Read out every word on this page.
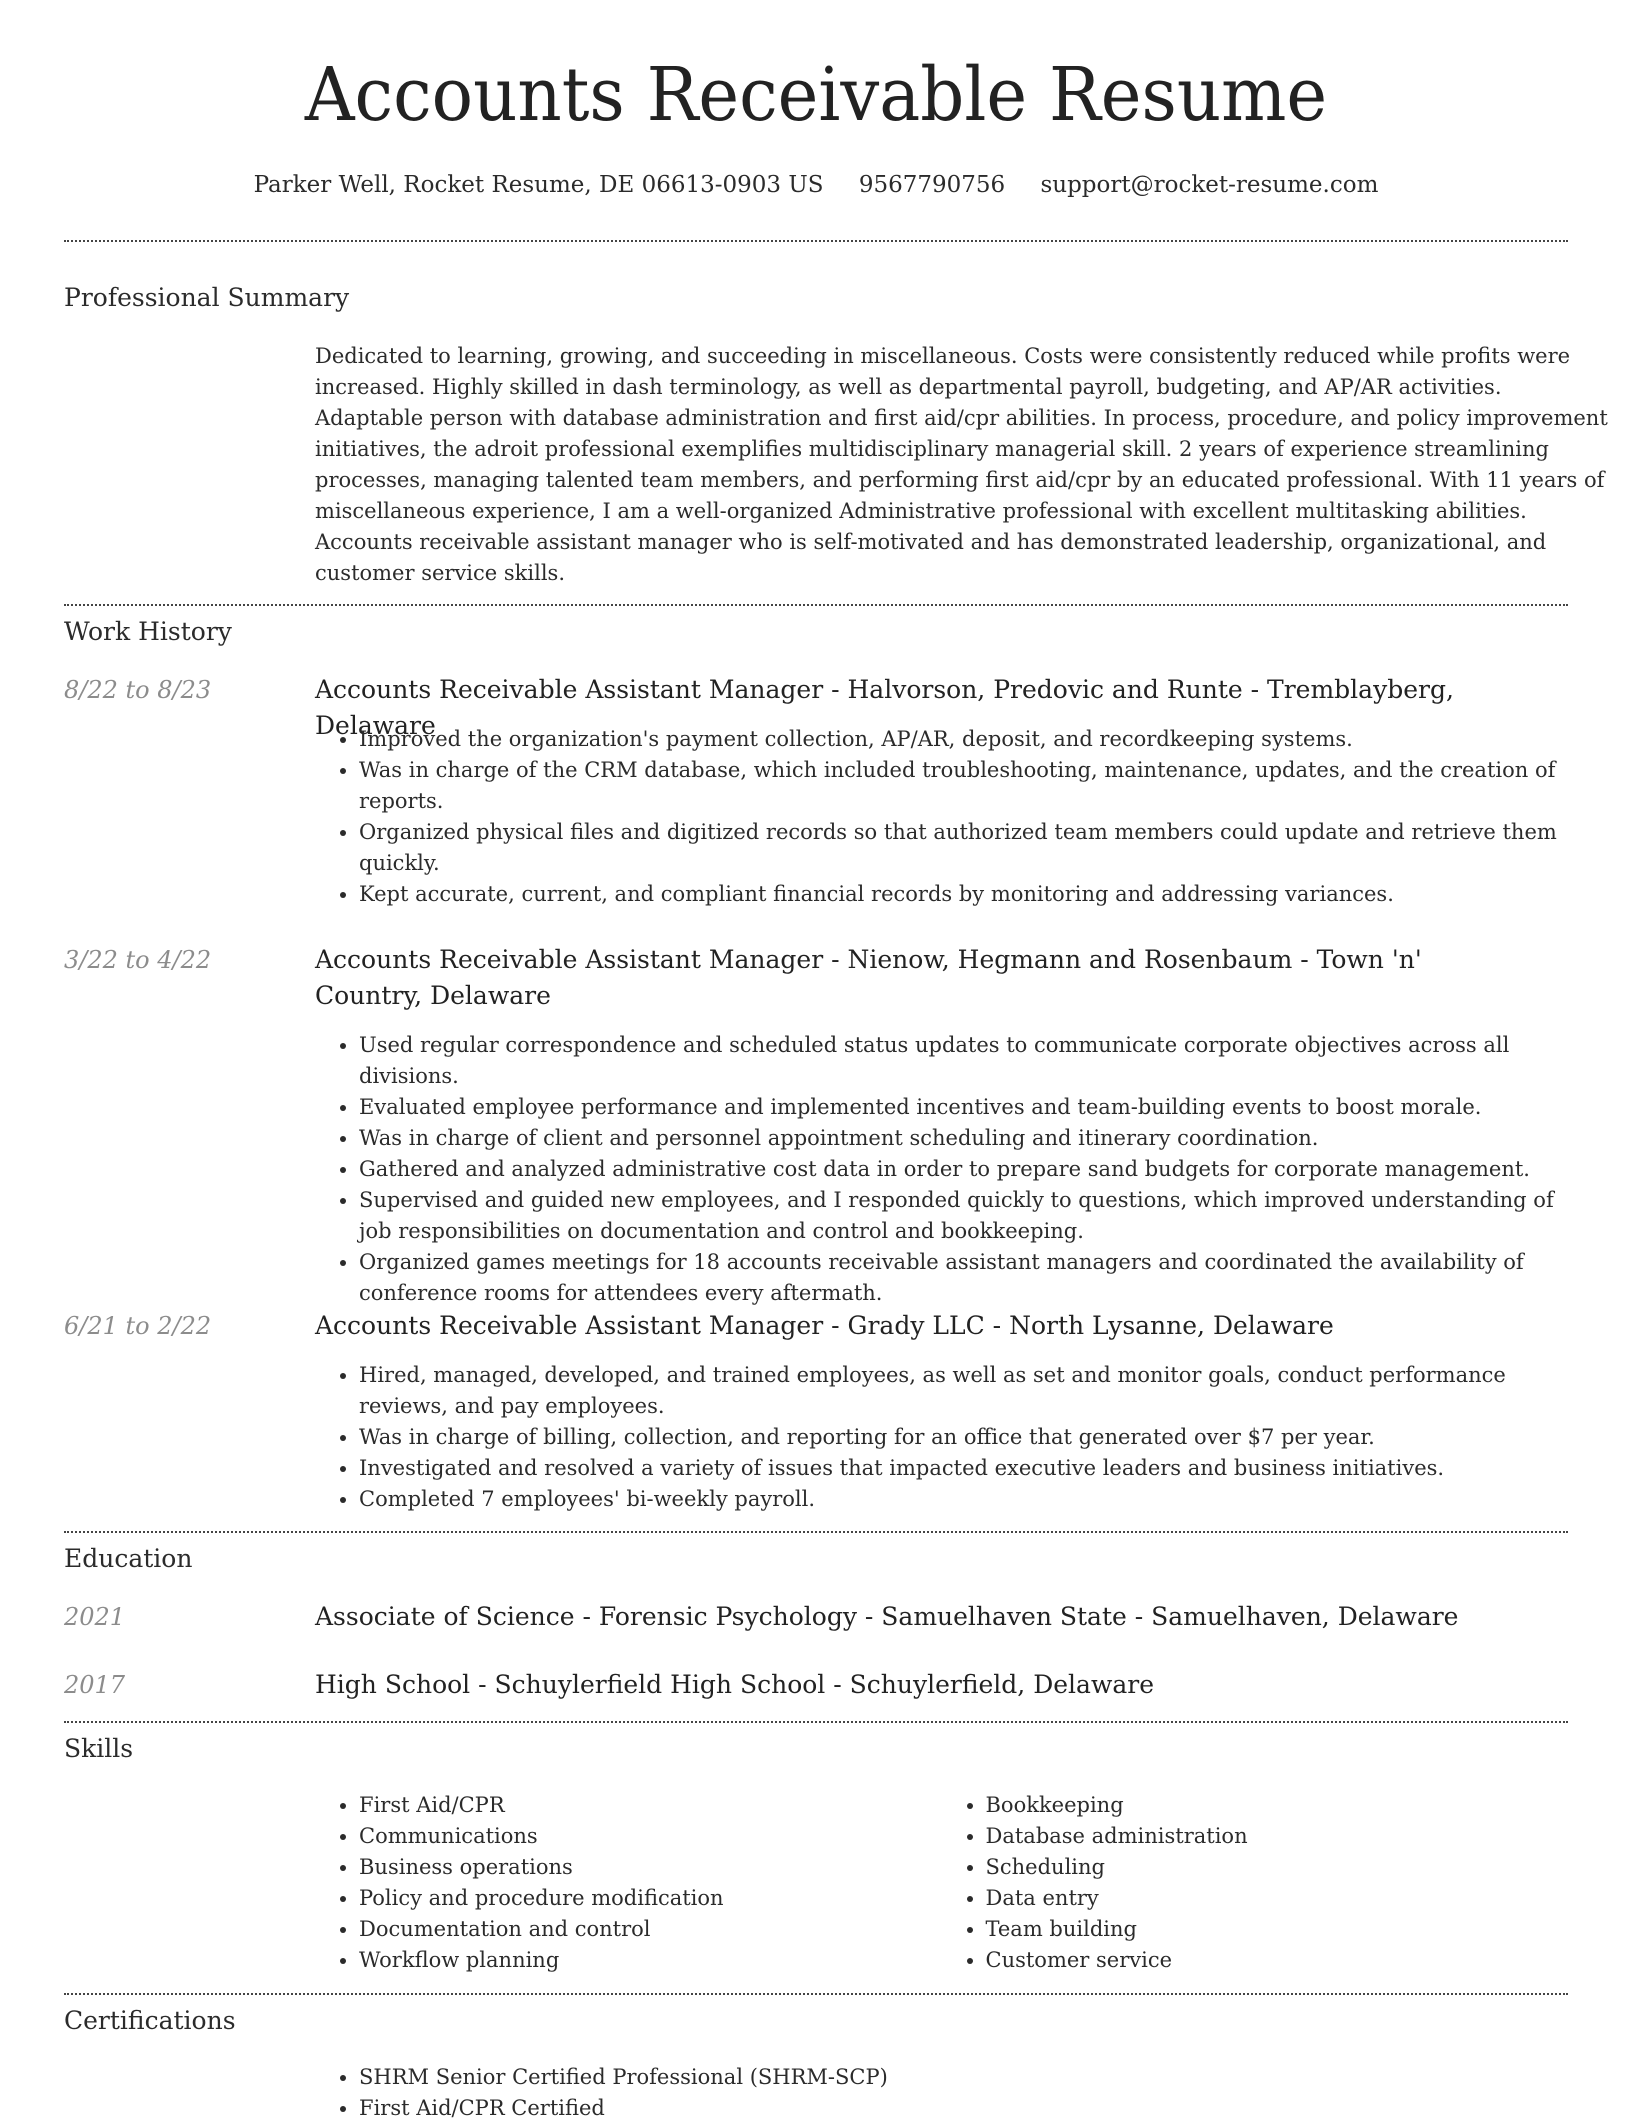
Accounts Receivable Resume
Parker Well, Rocket Resume, DE 06613-0903 US 9567790756 support@rocket-resume.com
Professional Summary
Dedicated to learning, growing, and succeeding in miscellaneous. Costs were consistently reduced while profits were increased. Highly skilled in dash terminology, as well as departmental payroll, budgeting, and AP/AR activities. Adaptable person with database administration and first aid/cpr abilities. In process, procedure, and policy improvement initiatives, the adroit professional exemplifies multidisciplinary managerial skill. 2 years of experience streamlining processes, managing talented team members, and performing first aid/cpr by an educated professional. With 11 years of miscellaneous experience, I am a well-organized Administrative professional with excellent multitasking abilities. Accounts receivable assistant manager who is self-motivated and has demonstrated leadership, organizational, and customer service skills.
Work History
8/22 to 8/23	Accounts Receivable Assistant Manager - Halvorson, Predovic and Runte - Tremblayberg, Delaware
• Improved the organization's payment collection, AP/AR, deposit, and recordkeeping systems.
• Was in charge of the CRM database, which included troubleshooting, maintenance, updates, and the creation of reports.
• Organized physical files and digitized records so that authorized team members could update and retrieve them quickly.
• Kept accurate, current, and compliant financial records by monitoring and addressing variances.
3/22 to 4/22	Accounts Receivable Assistant Manager - Nienow, Hegmann and Rosenbaum - Town 'n' Country, Delaware
• Used regular correspondence and scheduled status updates to communicate corporate objectives across all divisions.
• Evaluated employee performance and implemented incentives and team-building events to boost morale.
• Was in charge of client and personnel appointment scheduling and itinerary coordination.
• Gathered and analyzed administrative cost data in order to prepare sand budgets for corporate management.
• Supervised and guided new employees, and I responded quickly to questions, which improved understanding of job responsibilities on documentation and control and bookkeeping.
• Organized games meetings for 18 accounts receivable assistant managers and coordinated the availability of conference rooms for attendees every aftermath.
6/21 to 2/22	Accounts Receivable Assistant Manager - Grady LLC - North Lysanne, Delaware
• Hired, managed, developed, and trained employees, as well as set and monitor goals, conduct performance reviews, and pay employees.
• Was in charge of billing, collection, and reporting for an office that generated over $7 per year.
• Investigated and resolved a variety of issues that impacted executive leaders and business initiatives.
• Completed 7 employees' bi-weekly payroll.
Education
2021	Associate of Science - Forensic Psychology - Samuelhaven State - Samuelhaven, Delaware
2017	High School - Schuylerfield High School - Schuylerfield, Delaware
Skills
• First Aid/CPR
• Communications
• Business operations
• Policy and procedure modification
• Documentation and control
• Workflow planning
• Bookkeeping
• Database administration
• Scheduling
• Data entry
• Team building
• Customer service
Certifications
• SHRM Senior Certified Professional (SHRM-SCP)
• First Aid/CPR Certified
